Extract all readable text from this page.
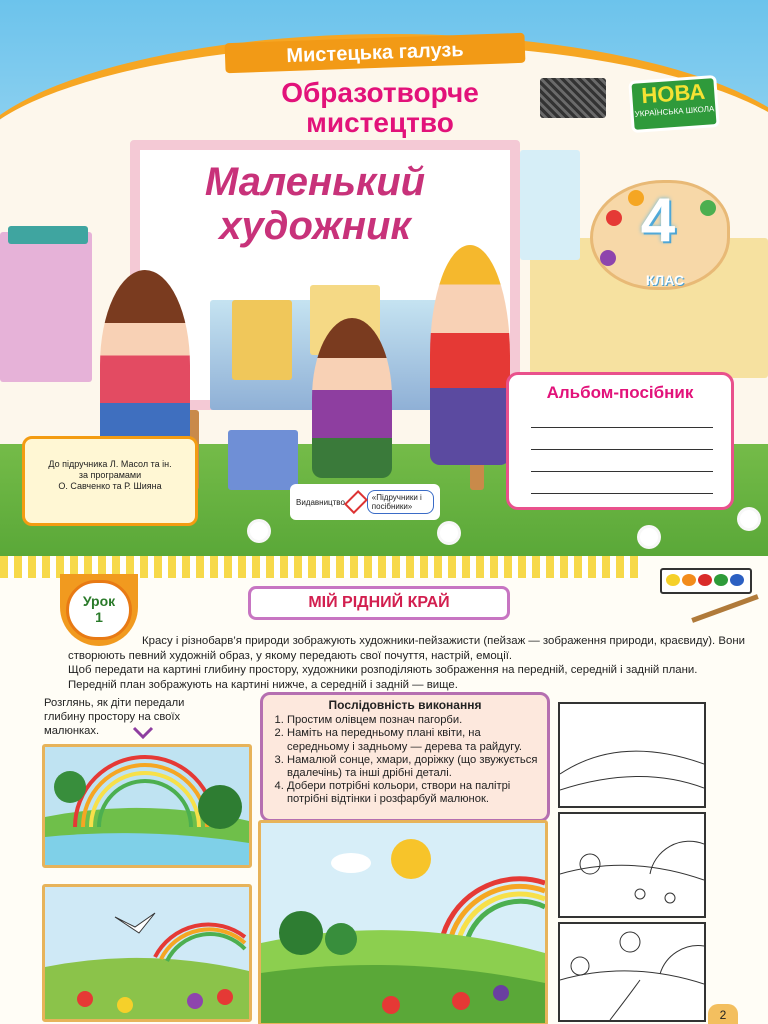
Мистецька галузь
Образотворче
мистецтво
НОВА
УКРАЇНСЬКА ШКОЛА
Маленький
художник	4
КЛАС
Альбом-посібник
До підручника Л. Масол та ін.
за програмами
О. Савченко та Р. Шияна
Видавництво	«Підручники і посібники»
Урок
1
МІЙ РІДНИЙ КРАЙ
Красу і різнобарв’я природи зображують художники-пейзажисти (пейзаж — зображення природи, краєвиду). Вони створюють певний художній образ, у якому передають свої почуття, настрій, емоції.
Щоб передати на картині глибину простору, художники розподіляють зображення на передній, середній і задній плани. Передній план зображують на картині нижче, а середній і задній — вище.
Розглянь, як діти передали глибину простору на своїх малюнках.
Послідовність виконання
1. Простим олівцем познач пагорби.
2. Наміть на передньому плані квіти, на середньому і задньому — дерева та райдугу.
3. Намалюй сонце, хмари, доріжку (що звужується вдалечінь) та інші дрібні деталі.
4. Добери потрібні кольори, створи на палітрі потрібні відтінки і розфарбуй малюнок.
2
